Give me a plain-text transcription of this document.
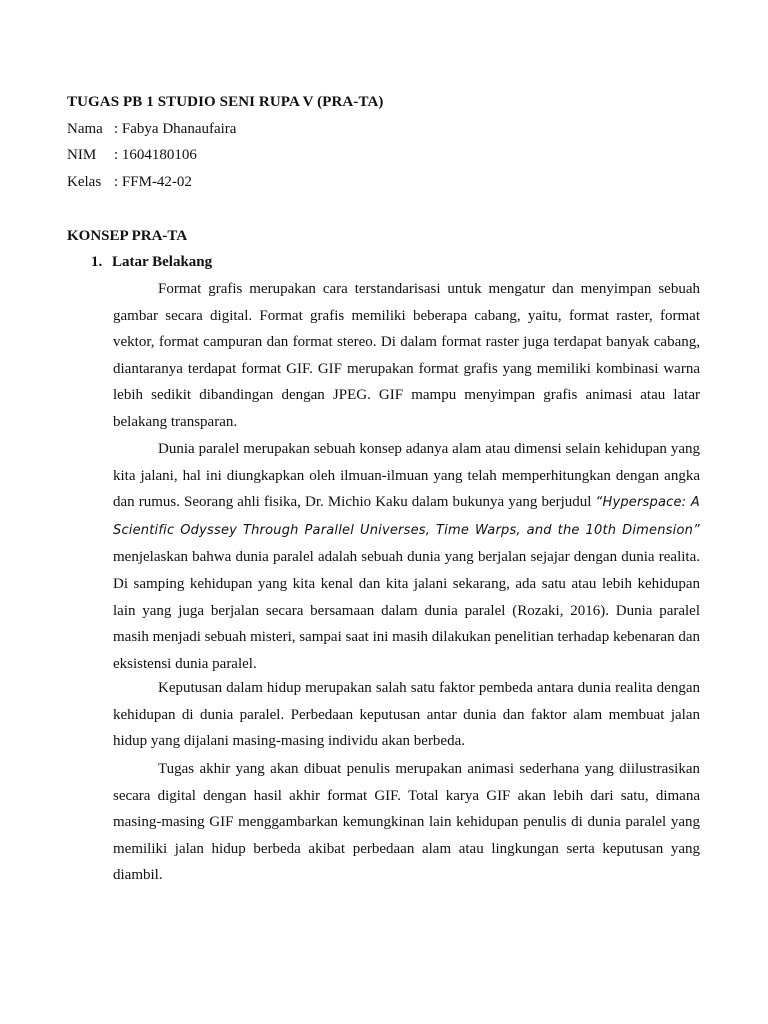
TUGAS PB 1 STUDIO SENI RUPA V (PRA-TA)
Nama : Fabya Dhanaufaira
NIM : 1604180106
Kelas : FFM-42-02
KONSEP PRA-TA
1. Latar Belakang

Format grafis merupakan cara terstandarisasi untuk mengatur dan menyimpan sebuah gambar secara digital. Format grafis memiliki beberapa cabang, yaitu, format raster, format vektor, format campuran dan format stereo. Di dalam format raster juga terdapat banyak cabang, diantaranya terdapat format GIF. GIF merupakan format grafis yang memiliki kombinasi warna lebih sedikit dibandingan dengan JPEG. GIF mampu menyimpan grafis animasi atau latar belakang transparan.

Dunia paralel merupakan sebuah konsep adanya alam atau dimensi selain kehidupan yang kita jalani, hal ini diungkapkan oleh ilmuan-ilmuan yang telah memperhitungkan dengan angka dan rumus. Seorang ahli fisika, Dr. Michio Kaku dalam bukunya yang berjudul “Hyperspace: A Scientific Odyssey Through Parallel Universes, Time Warps, and the 10th Dimension” menjelaskan bahwa dunia paralel adalah sebuah dunia yang berjalan sejajar dengan dunia realita. Di samping kehidupan yang kita kenal dan kita jalani sekarang, ada satu atau lebih kehidupan lain yang juga berjalan secara bersamaan dalam dunia paralel (Rozaki, 2016). Dunia paralel masih menjadi sebuah misteri, sampai saat ini masih dilakukan penelitian terhadap kebenaran dan eksistensi dunia paralel.

Keputusan dalam hidup merupakan salah satu faktor pembeda antara dunia realita dengan kehidupan di dunia paralel. Perbedaan keputusan antar dunia dan faktor alam membuat jalan hidup yang dijalani masing-masing individu akan berbeda.

Tugas akhir yang akan dibuat penulis merupakan animasi sederhana yang diilustrasikan secara digital dengan hasil akhir format GIF. Total karya GIF akan lebih dari satu, dimana masing-masing GIF menggambarkan kemungkinan lain kehidupan penulis di dunia paralel yang memiliki jalan hidup berbeda akibat perbedaan alam atau lingkungan serta keputusan yang diambil.
